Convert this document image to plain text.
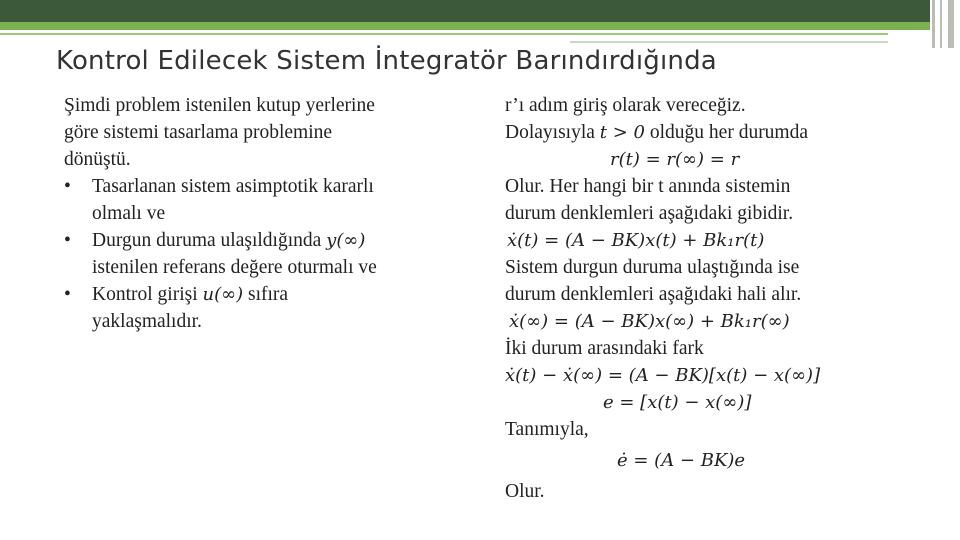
Kontrol Edilecek Sistem İntegratör Barındırdığında
Şimdi problem istenilen kutup yerlerine
göre sistemi tasarlama problemine
dönüştü.
• Tasarlanan sistem asimptotik kararlı
olmalı ve
• Durgun duruma ulaşıldığında y(∞)
istenilen referans değere oturmalı ve
• Kontrol girişi u(∞) sıfıra
yaklaşmalıdır.
r’ı adım giriş olarak vereceğiz.
Dolayısıyla t > 0 olduğu her durumda
r(t) = r(∞) = r
Olur. Her hangi bir t anında sistemin
durum denklemleri aşağıdaki gibidir.
ẋ(t) = (A − BK)x(t) + Bk₁r(t)
Sistem durgun duruma ulaştığında ise
durum denklemleri aşağıdaki hali alır.
ẋ(∞) = (A − BK)x(∞) + Bk₁r(∞)
İki durum arasındaki fark
ẋ(t) − ẋ(∞) = (A − BK)[x(t) − x(∞)]
e = [x(t) − x(∞)]
Tanımıyla,
ė = (A − BK)e
Olur.
